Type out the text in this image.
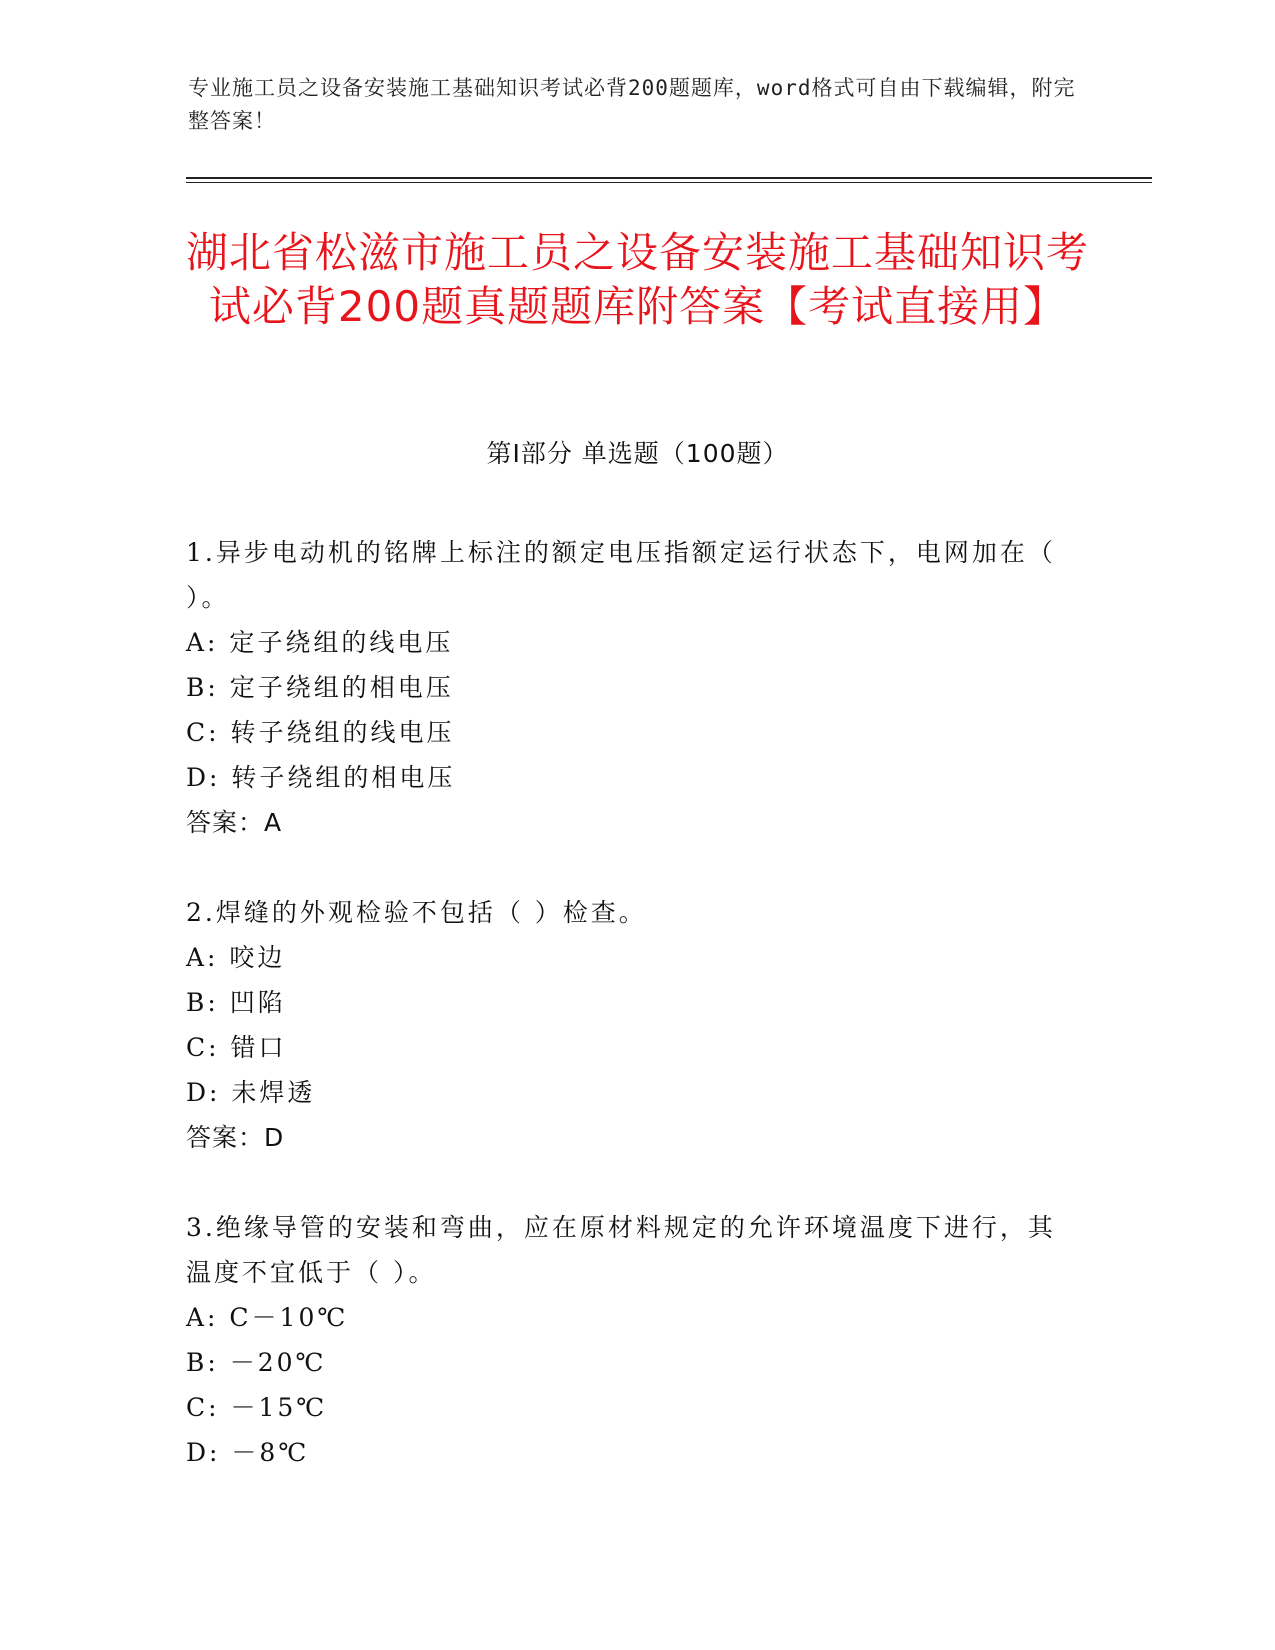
专业施工员之设备安装施工基础知识考试必背200题题库，word格式可自由下载编辑，附完整答案！
湖北省松滋市施工员之设备安装施工基础知识考试必背200题真题题库附答案【考试直接用】
第Ⅰ部分 单选题（100题）
1.异步电动机的铭牌上标注的额定电压指额定运行状态下，电网加在（ ）。
A: 定子绕组的线电压
B: 定子绕组的相电压
C: 转子绕组的线电压
D: 转子绕组的相电压
答案：A
2.焊缝的外观检验不包括（ ）检查。
A: 咬边
B: 凹陷
C: 错口
D: 未焊透
答案：D
3.绝缘导管的安装和弯曲，应在原材料规定的允许环境温度下进行，其温度不宜低于（ ）。
A: C－10℃
B: －20℃
C: －15℃
D: －8℃
